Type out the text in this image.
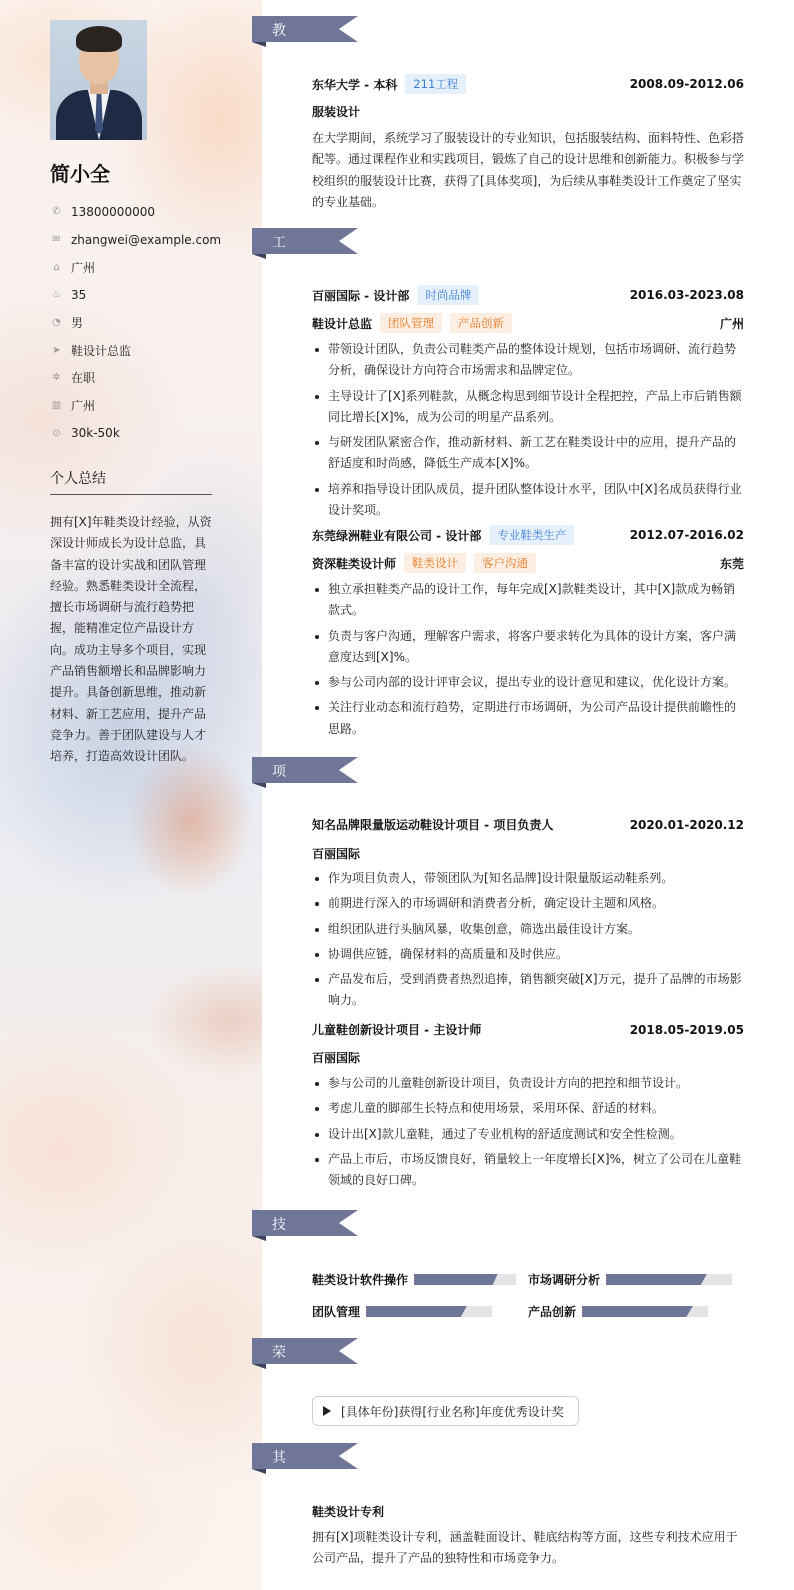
简小全
✆ 13800000000
✉ zhangwei@example.com
⌂ 广州
♨ 35
◔ 男
➤ 鞋设计总监
✲ 在职
▥ 广州
⊙ 30k-50k
个人总结
拥有[X]年鞋类设计经验，从资深设计师成长为设计总监，具备丰富的设计实战和团队管理经验。熟悉鞋类设计全流程，擅长市场调研与流行趋势把握，能精准定位产品设计方向。成功主导多个项目，实现产品销售额增长和品牌影响力提升。具备创新思维，推动新材料、新工艺应用，提升产品竞争力。善于团队建设与人才培养，打造高效设计团队。
教育经历 东华大学 - 本科	211工程	2008.09-2012.06
服装设计
在大学期间，系统学习了服装设计的专业知识，包括服装结构、面料特性、色彩搭配等。通过课程作业和实践项目，锻炼了自己的设计思维和创新能力。积极参与学校组织的服装设计比赛，获得了[具体奖项]，为后续从事鞋类设计工作奠定了坚实的专业基础。
工作经历 百丽国际 - 设计部	时尚品牌	2016.03-2023.08
鞋设计总监	团队管理	产品创新	广州
带领设计团队，负责公司鞋类产品的整体设计规划，包括市场调研、流行趋势分析，确保设计方向符合市场需求和品牌定位。
主导设计了[X]系列鞋款，从概念构思到细节设计全程把控，产品上市后销售额同比增长[X]%，成为公司的明星产品系列。
与研发团队紧密合作，推动新材料、新工艺在鞋类设计中的应用，提升产品的舒适度和时尚感，降低生产成本[X]%。
培养和指导设计团队成员，提升团队整体设计水平，团队中[X]名成员获得行业设计奖项。
东莞绿洲鞋业有限公司 - 设计部	专业鞋类生产	2012.07-2016.02
资深鞋类设计师	鞋类设计	客户沟通	东莞
独立承担鞋类产品的设计工作，每年完成[X]款鞋类设计，其中[X]款成为畅销款式。
负责与客户沟通，理解客户需求，将客户要求转化为具体的设计方案，客户满意度达到[X]%。
参与公司内部的设计评审会议，提出专业的设计意见和建议，优化设计方案。
关注行业动态和流行趋势，定期进行市场调研，为公司产品设计提供前瞻性的思路。
项目经历 知名品牌限量版运动鞋设计项目 - 项目负责人	2020.01-2020.12
百丽国际
作为项目负责人，带领团队为[知名品牌]设计限量版运动鞋系列。
前期进行深入的市场调研和消费者分析，确定设计主题和风格。
组织团队进行头脑风暴，收集创意，筛选出最佳设计方案。
协调供应链，确保材料的高质量和及时供应。
产品发布后，受到消费者热烈追捧，销售额突破[X]万元，提升了品牌的市场影响力。
儿童鞋创新设计项目 - 主设计师	2018.05-2019.05
百丽国际
参与公司的儿童鞋创新设计项目，负责设计方向的把控和细节设计。
考虑儿童的脚部生长特点和使用场景，采用环保、舒适的材料。
设计出[X]款儿童鞋，通过了专业机构的舒适度测试和安全性检测。
产品上市后，市场反馈良好，销量较上一年度增长[X]%，树立了公司在儿童鞋领域的良好口碑。
技能专长 鞋类设计软件操作	市场调研分析
团队管理	产品创新
荣誉奖项	[具体年份]获得[行业名称]年度优秀设计奖
其他信息 鞋类设计专利
拥有[X]项鞋类设计专利，涵盖鞋面设计、鞋底结构等方面，这些专利技术应用于公司产品，提升了产品的独特性和市场竞争力。
